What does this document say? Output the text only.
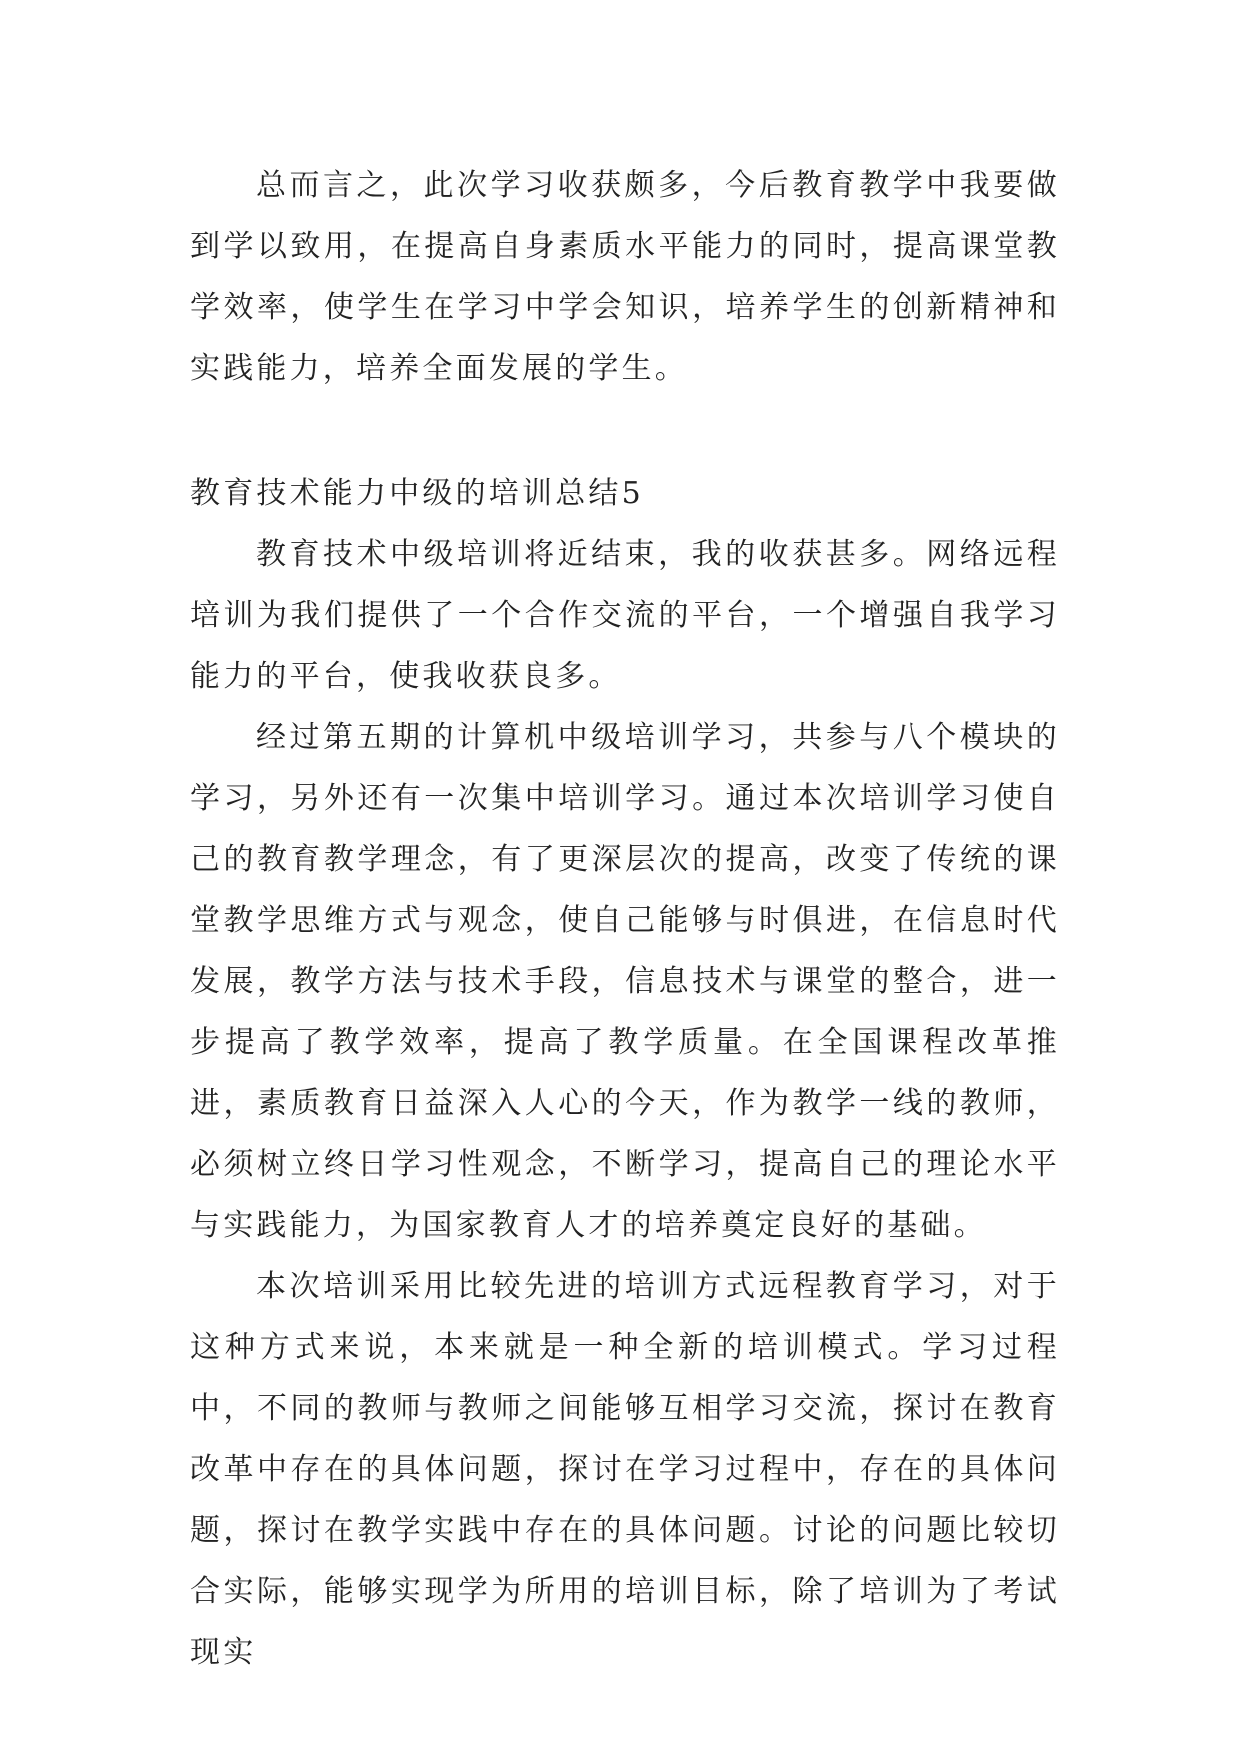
总而言之，此次学习收获颇多，今后教育教学中我要做到学以致用，在提高自身素质水平能力的同时，提高课堂教学效率，使学生在学习中学会知识，培养学生的创新精神和实践能力，培养全面发展的学生。

教育技术能力中级的培训总结5

教育技术中级培训将近结束，我的收获甚多。网络远程培训为我们提供了一个合作交流的平台，一个增强自我学习能力的平台，使我收获良多。

经过第五期的计算机中级培训学习，共参与八个模块的学习，另外还有一次集中培训学习。通过本次培训学习使自己的教育教学理念，有了更深层次的提高，改变了传统的课堂教学思维方式与观念，使自己能够与时俱进，在信息时代发展，教学方法与技术手段，信息技术与课堂的整合，进一步提高了教学效率，提高了教学质量。在全国课程改革推进，素质教育日益深入人心的今天，作为教学一线的教师，必须树立终日学习性观念，不断学习，提高自己的理论水平与实践能力，为国家教育人才的培养奠定良好的基础。

本次培训采用比较先进的培训方式远程教育学习，对于这种方式来说，本来就是一种全新的培训模式。学习过程中，不同的教师与教师之间能够互相学习交流，探讨在教育改革中存在的具体问题，探讨在学习过程中，存在的具体问题，探讨在教学实践中存在的具体问题。讨论的问题比较切合实际，能够实现学为所用的培训目标，除了培训为了考试现实
